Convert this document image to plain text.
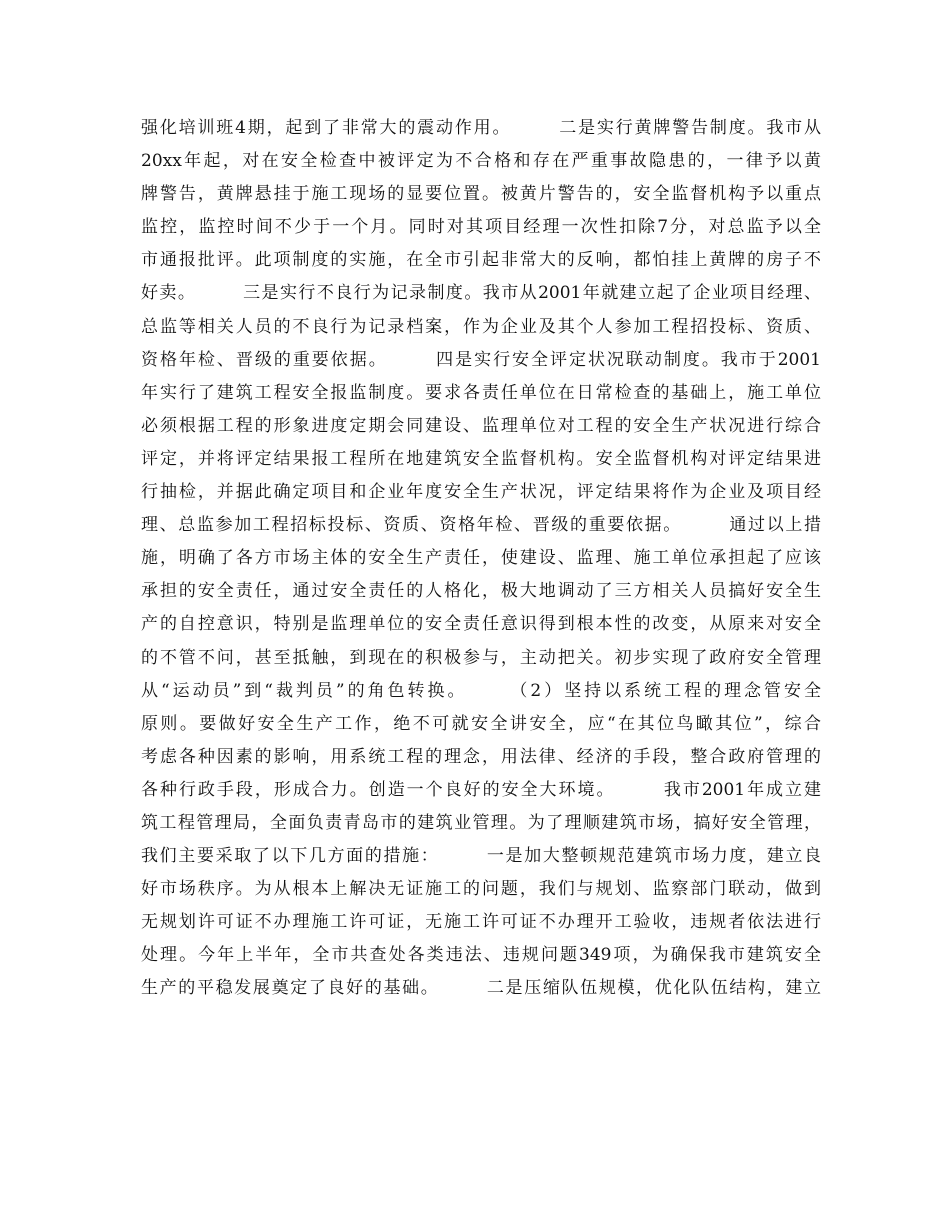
强化培训班4期，起到了非常大的震动作用。　　　二是实行黄牌警告制度。我市从
20xx年起，对在安全检查中被评定为不合格和存在严重事故隐患的，一律予以黄
牌警告，黄牌悬挂于施工现场的显要位置。被黄片警告的，安全监督机构予以重点
监控，监控时间不少于一个月。同时对其项目经理一次性扣除7分，对总监予以全
市通报批评。此项制度的实施，在全市引起非常大的反响，都怕挂上黄牌的房子不
好卖。　　　三是实行不良行为记录制度。我市从2001年就建立起了企业项目经理、
总监等相关人员的不良行为记录档案，作为企业及其个人参加工程招投标、资质、
资格年检、晋级的重要依据。　　　四是实行安全评定状况联动制度。我市于2001
年实行了建筑工程安全报监制度。要求各责任单位在日常检查的基础上，施工单位
必须根据工程的形象进度定期会同建设、监理单位对工程的安全生产状况进行综合
评定，并将评定结果报工程所在地建筑安全监督机构。安全监督机构对评定结果进
行抽检，并据此确定项目和企业年度安全生产状况，评定结果将作为企业及项目经
理、总监参加工程招标投标、资质、资格年检、晋级的重要依据。　　　通过以上措
施，明确了各方市场主体的安全生产责任，使建设、监理、施工单位承担起了应该
承担的安全责任，通过安全责任的人格化，极大地调动了三方相关人员搞好安全生
产的自控意识，特别是监理单位的安全责任意识得到根本性的改变，从原来对安全
的不管不问，甚至抵触，到现在的积极参与，主动把关。初步实现了政府安全管理
从“运动员”到“裁判员”的角色转换。　　　（2）坚持以系统工程的理念管安全
原则。要做好安全生产工作，绝不可就安全讲安全，应“在其位鸟瞰其位”，综合
考虑各种因素的影响，用系统工程的理念，用法律、经济的手段，整合政府管理的
各种行政手段，形成合力。创造一个良好的安全大环境。　　　我市2001年成立建
筑工程管理局，全面负责青岛市的建筑业管理。为了理顺建筑市场，搞好安全管理，
我们主要采取了以下几方面的措施：　　　一是加大整顿规范建筑市场力度，建立良
好市场秩序。为从根本上解决无证施工的问题，我们与规划、监察部门联动，做到
无规划许可证不办理施工许可证，无施工许可证不办理开工验收，违规者依法进行
处理。今年上半年，全市共查处各类违法、违规问题349项，为确保我市建筑安全
生产的平稳发展奠定了良好的基础。　　　二是压缩队伍规模，优化队伍结构，建立
